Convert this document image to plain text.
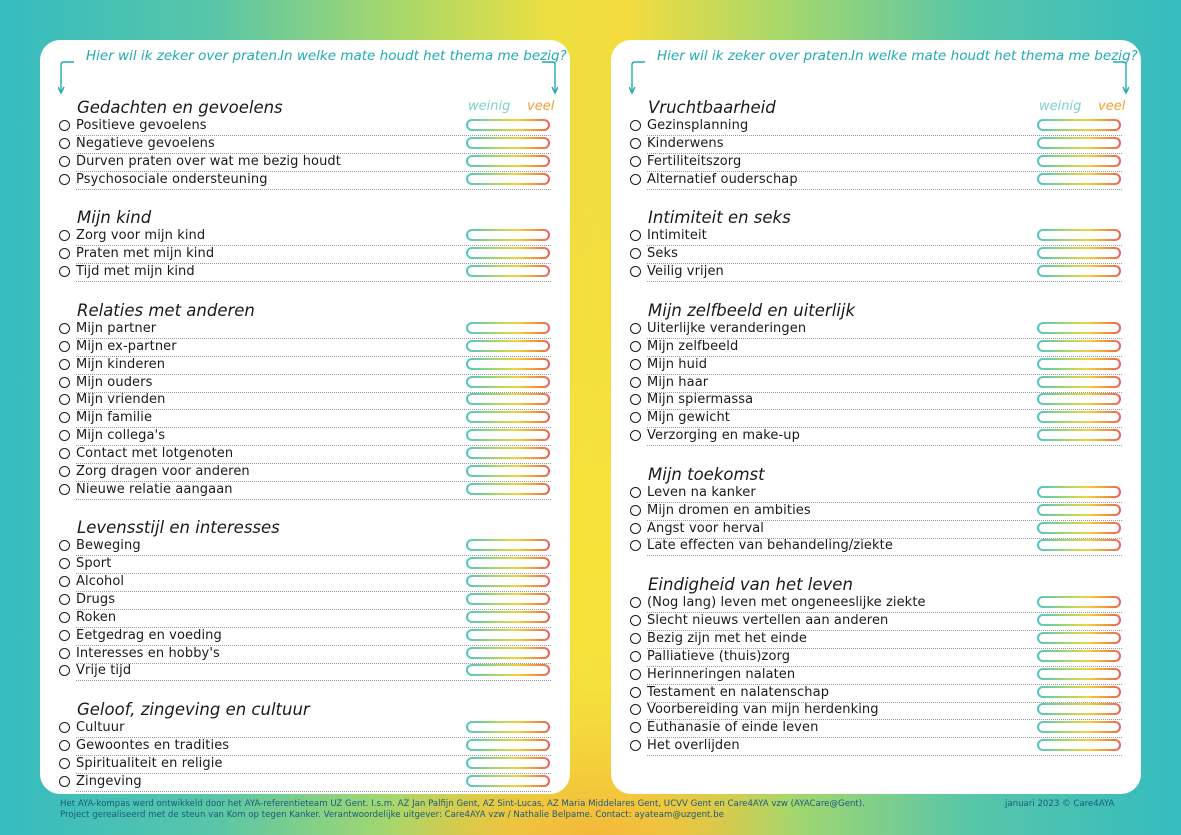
Hier wil ik zeker over praten.
In welke mate houdt het thema me bezig?
weinig veel
Gedachten en gevoelens
Positieve gevoelens
Negatieve gevoelens
Durven praten over wat me bezig houdt
Psychosociale ondersteuning
Mijn kind
Zorg voor mijn kind
Praten met mijn kind
Tijd met mijn kind
Relaties met anderen
Mijn partner
Mijn ex-partner
Mijn kinderen
Mijn ouders
Mijn vrienden
Mijn familie
Mijn collega's
Contact met lotgenoten
Zorg dragen voor anderen
Nieuwe relatie aangaan
Levensstijl en interesses
Beweging
Sport
Alcohol
Drugs
Roken
Eetgedrag en voeding
Interesses en hobby's
Vrije tijd
Geloof, zingeving en cultuur
Cultuur
Gewoontes en tradities
Spiritualiteit en religie
Zingeving
Hier wil ik zeker over praten.
In welke mate houdt het thema me bezig?
weinig veel
Vruchtbaarheid
Gezinsplanning
Kinderwens
Fertiliteitszorg
Alternatief ouderschap
Intimiteit en seks
Intimiteit
Seks
Veilig vrijen
Mijn zelfbeeld en uiterlijk
Uiterlijke veranderingen
Mijn zelfbeeld
Mijn huid
Mijn haar
Mijn spiermassa
Mijn gewicht
Verzorging en make-up
Mijn toekomst
Leven na kanker
Mijn dromen en ambities
Angst voor herval
Late effecten van behandeling/ziekte
Eindigheid van het leven
(Nog lang) leven met ongeneeslijke ziekte
Slecht nieuws vertellen aan anderen
Bezig zijn met het einde
Palliatieve (thuis)zorg
Herinneringen nalaten
Testament en nalatenschap
Voorbereiding van mijn herdenking
Euthanasie of einde leven
Het overlijden
Het AYA-kompas werd ontwikkeld door het AYA-referentieteam UZ Gent. I.s.m. AZ Jan Palfijn Gent, AZ Sint-Lucas, AZ Maria Middelares Gent, UCVV Gent en Care4AYA vzw (AYACare@Gent).
Project gerealiseerd met de steun van Kom op tegen Kanker. Verantwoordelijke uitgever: Care4AYA vzw / Nathalie Belpame. Contact: ayateam@uzgent.be
januari 2023 © Care4AYA
